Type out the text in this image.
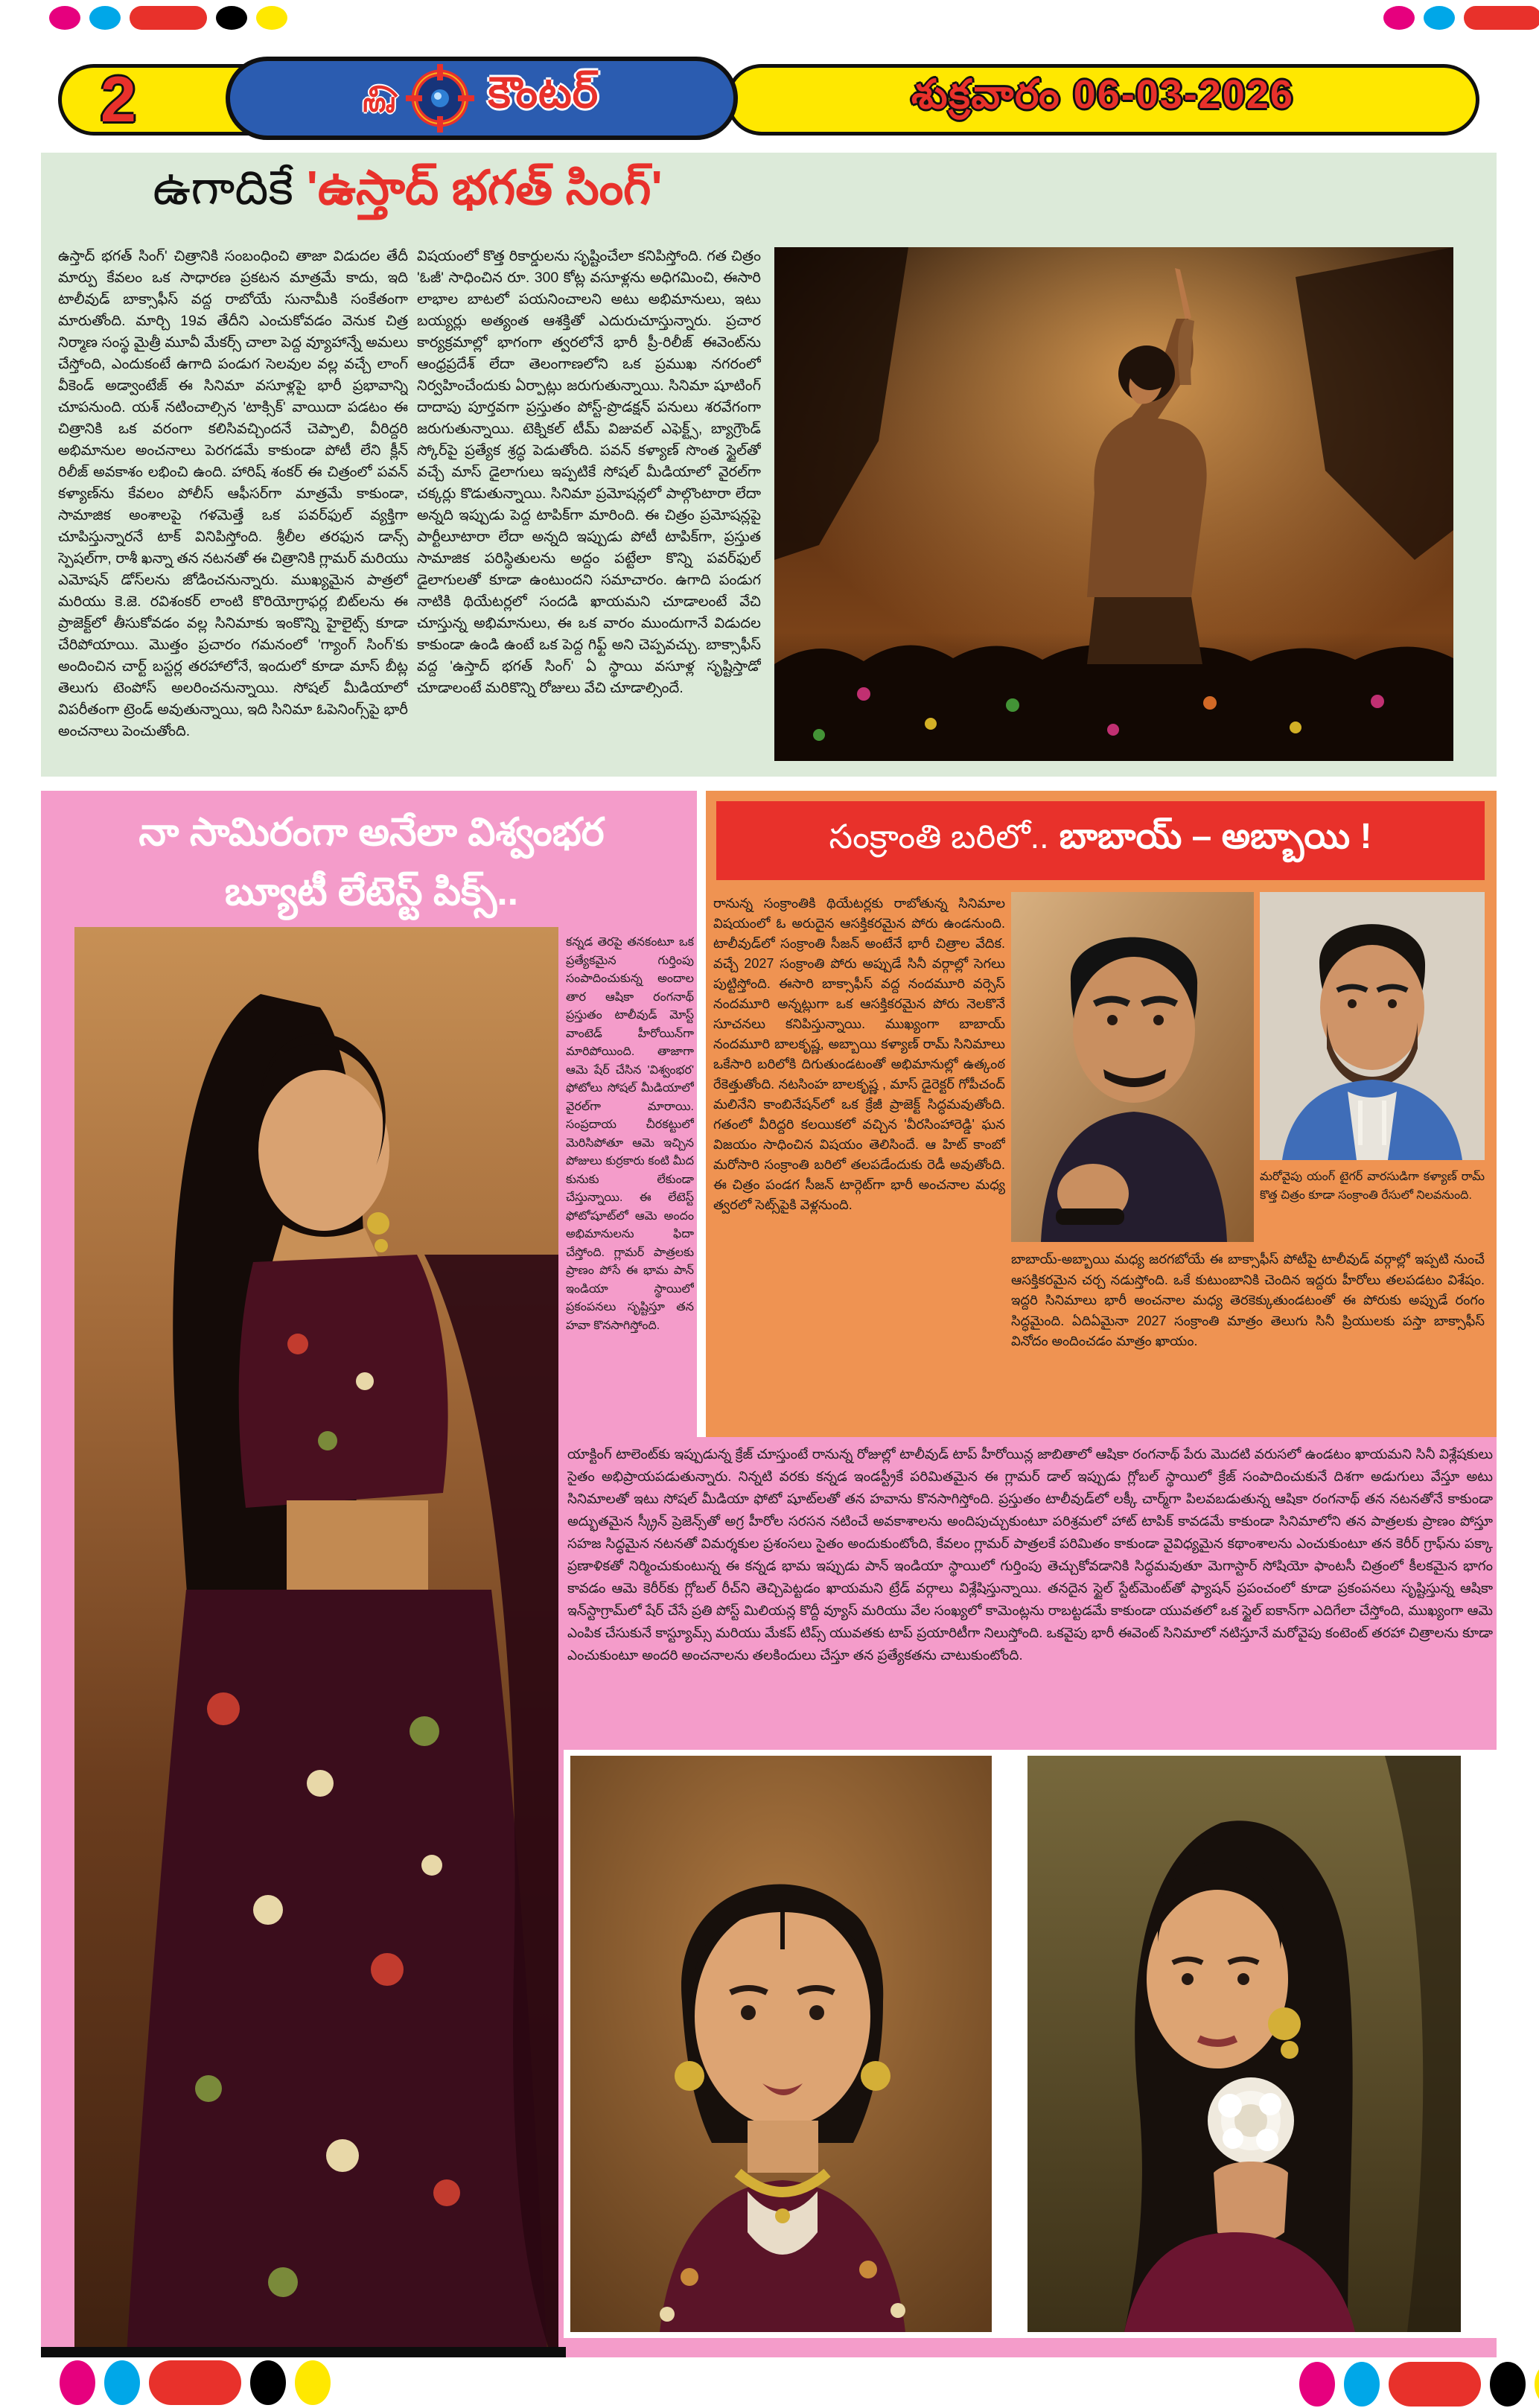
2	శుక్రవారం 06-03-2026
క్రై కౌంటర్
ఉగాదికే 'ఉస్తాద్ భగత్ సింగ్'
ఉస్తాద్ భగత్ సింగ్' చిత్రానికి సంబంధించి తాజా విడుదల తేదీ మార్పు కేవలం ఒక సాధారణ ప్రకటన మాత్రమే కాదు, ఇది టాలీవుడ్ బాక్సాఫీస్ వద్ద రాబోయే సునామీకి సంకేతంగా మారుతోంది. మార్చి 19వ తేదీని ఎంచుకోవడం వెనుక చిత్ర నిర్మాణ సంస్థ మైత్రీ మూవీ మేకర్స్ చాలా పెద్ద వ్యూహాన్నే అమలు చేస్తోంది, ఎందుకంటే ఉగాది పండుగ సెలవుల వల్ల వచ్చే లాంగ్ వీకెండ్ అడ్వాంటేజ్ ఈ సినిమా వసూళ్లపై భారీ ప్రభావాన్ని చూపనుంది. యశ్ నటించాల్సిన 'టాక్సిక్' వాయిదా పడటం ఈ చిత్రానికి ఒక వరంగా కలిసివచ్చిందనే చెప్పాలి, వీరిద్దరి అభిమానుల అంచనాలు పెరగడమే కాకుండా పోటీ లేని క్లీన్ రిలీజ్ అవకాశం లభించి ఉంది. హారిష్ శంకర్ ఈ చిత్రంలో పవన్ కళ్యాణ్‌ను కేవలం పోలీస్ ఆఫీసర్‌గా మాత్రమే కాకుండా, సామాజిక అంశాలపై గళమెత్తే ఒక పవర్‌ఫుల్ వ్యక్తిగా చూపిస్తున్నారనే టాక్ వినిపిస్తోంది. శ్రీలీల తరఫున డాన్స్ స్పెషల్‌గా, రాశీ ఖన్నా తన నటనతో ఈ చిత్రానికి గ్లామర్ మరియు ఎమోషన్ డోస్‌లను జోడించనున్నారు. ముఖ్యమైన పాత్రలో మరియు కె.జె. రవిశంకర్ లాంటి కొరియోగ్రాఫర్ల బిట్‌లను ఈ ప్రాజెక్ట్‌లో తీసుకోవడం వల్ల సినిమాకు ఇంకొన్ని హైలైట్స్ కూడా చేరిపోయాయి. మొత్తం ప్రచారం గమనంలో 'గ్యాంగ్ సింగ్'కు అందించిన చార్ట్ బస్టర్ల తరహాలోనే, ఇందులో కూడా మాస్ బీట్ల తెలుగు టెంపోస్ అలరించనున్నాయి. సోషల్ మీడియాలో విపరీతంగా ట్రెండ్ అవుతున్నాయి, ఇది సినిమా ఓపెనింగ్స్‌పై భారీ అంచనాలు పెంచుతోంది.
విషయంలో కొత్త రికార్డులను సృష్టించేలా కనిపిస్తోంది. గత చిత్రం 'ఓజీ' సాధించిన రూ. 300 కోట్ల వసూళ్లను అధిగమించి, ఈసారి లాభాల బాటలో పయనించాలని అటు అభిమానులు, ఇటు బయ్యర్లు అత్యంత ఆశక్తితో ఎదురుచూస్తున్నారు. ప్రచార కార్యక్రమాల్లో భాగంగా త్వరలోనే భారీ ప్రీ-రిలీజ్ ఈవెంట్‌ను ఆంధ్రప్రదేశ్ లేదా తెలంగాణలోని ఒక ప్రముఖ నగరంలో నిర్వహించేందుకు ఏర్పాట్లు జరుగుతున్నాయి. సినిమా షూటింగ్ దాదాపు పూర్తవగా ప్రస్తుతం పోస్ట్-ప్రొడక్షన్ పనులు శరవేగంగా జరుగుతున్నాయి. టెక్నికల్ టీమ్ విజువల్ ఎఫెక్ట్స్, బ్యాగ్రౌండ్ స్కోర్‌పై ప్రత్యేక శ్రద్ధ పెడుతోంది. పవన్ కళ్యాణ్ సొంత స్టైల్‌తో వచ్చే మాస్ డైలాగులు ఇప్పటికే సోషల్ మీడియాలో వైరల్‌గా చక్కర్లు కొడుతున్నాయి. సినిమా ప్రమోషన్లలో పాల్గొంటారా లేదా అన్నది ఇప్పుడు పెద్ద టాపిక్‌గా మారింది. ఈ చిత్రం ప్రమోషన్లపై పార్టీలూటారా లేదా అన్నది ఇప్పుడు పోటీ టాపిక్‌గా, ప్రస్తుత సామాజిక పరిస్థితులను అద్దం పట్టేలా కొన్ని పవర్‌ఫుల్ డైలాగులతో కూడా ఉంటుందని సమాచారం. ఉగాది పండుగ నాటికి థియేటర్లలో సందడి ఖాయమని చూడాలంటే వేచి చూస్తున్న అభిమానులు, ఈ ఒక వారం ముందుగానే విడుదల కాకుండా ఉండి ఉంటే ఒక పెద్ద గిఫ్ట్ అని చెప్పవచ్చు. బాక్సాఫీస్ వద్ద 'ఉస్తాద్ భగత్ సింగ్' ఏ స్థాయి వసూళ్ల సృష్టిస్తాడో చూడాలంటే మరికొన్ని రోజులు వేచి చూడాల్సిందే.
నా సామిరంగా అనేలా విశ్వంభర
బ్యూటీ లేటెస్ట్ పిక్స్..
కన్నడ తెరపై తనకంటూ ఒక ప్రత్యేకమైన గుర్తింపు సంపాదించుకున్న అందాల తార ఆషికా రంగనాథ్ ప్రస్తుతం టాలీవుడ్ మోస్ట్ వాంటెడ్ హీరోయిన్‌గా మారిపోయింది. తాజాగా ఆమె షేర్ చేసిన 'విశ్వంభర' ఫోటోలు సోషల్ మీడియాలో వైరల్‌గా మారాయి. సంప్రదాయ చీరకట్టులో మెరిసిపోతూ ఆమె ఇచ్చిన పోజులు కుర్రకారు కంటి మీద కునుకు లేకుండా చేస్తున్నాయి. ఈ లేటెస్ట్ ఫోటోషూట్‌లో ఆమె అందం అభిమానులను ఫిదా చేస్తోంది. గ్లామర్ పాత్రలకు ప్రాణం పోసే ఈ భామ పాన్ ఇండియా స్థాయిలో ప్రకంపనలు సృష్టిస్తూ తన హవా కొనసాగిస్తోంది.
సంక్రాంతి బరిలో.. బాబాయ్ – అబ్బాయి !
రానున్న సంక్రాంతికి థియేటర్లకు రాబోతున్న సినిమాల విషయంలో ఓ అరుదైన ఆసక్తికరమైన పోరు ఉండనుంది. టాలీవుడ్‌లో సంక్రాంతి సీజన్ అంటేనే భారీ చిత్రాల వేదిక. వచ్చే 2027 సంక్రాంతి పోరు అప్పుడే సినీ వర్గాల్లో సెగలు పుట్టిస్తోంది. ఈసారి బాక్సాఫీస్ వద్ద నందమూరి వర్సెస్ నందమూరి అన్నట్లుగా ఒక ఆసక్తికరమైన పోరు నెలకొనే సూచనలు కనిపిస్తున్నాయి. ముఖ్యంగా బాబాయ్ నందమూరి బాలకృష్ణ, అబ్బాయి కళ్యాణ్ రామ్ సినిమాలు ఒకేసారి బరిలోకి దిగుతుండటంతో అభిమానుల్లో ఉత్కంఠ రేకెత్తుతోంది. నటసింహ బాలకృష్ణ , మాస్ డైరెక్టర్ గోపీచంద్ మలినేని కాంబినేషన్‌లో ఒక క్రేజీ ప్రాజెక్ట్ సిద్ధమవుతోంది. గతంలో వీరిద్దరి కలయికలో వచ్చిన 'వీరసింహారెడ్డి' ఘన విజయం సాధించిన విషయం తెలిసిందే. ఆ హిట్ కాంబో మరోసారి సంక్రాంతి బరిలో తలపడేందుకు రెడీ అవుతోంది. ఈ చిత్రం పండగ సీజన్ టార్గెట్‌గా భారీ అంచనాల మధ్య త్వరలో సెట్స్‌పైకి వెళ్లనుంది.
మరోవైపు యంగ్ టైగర్ వారసుడిగా కళ్యాణ్ రామ్ కొత్త చిత్రం కూడా సంక్రాంతి రేసులో నిలవనుంది.
బాబాయ్-అబ్బాయి మధ్య జరగబోయే ఈ బాక్సాఫీస్ పోటీపై టాలీవుడ్ వర్గాల్లో ఇప్పటి నుంచే ఆసక్తికరమైన చర్చ నడుస్తోంది. ఒకే కుటుంబానికి చెందిన ఇద్దరు హీరోలు తలపడటం విశేషం. ఇద్దరి సినిమాలు భారీ అంచనాల మధ్య తెరకెక్కుతుండటంతో ఈ పోరుకు అప్పుడే రంగం సిద్ధమైంది. ఏదిఏమైనా 2027 సంక్రాంతి మాత్రం తెలుగు సినీ ప్రియులకు పస్తా బాక్సాఫీస్ వినోదం అందించడం మాత్రం ఖాయం.
యాక్టింగ్ టాలెంట్‌కు ఇప్పుడున్న క్రేజ్ చూస్తుంటే రానున్న రోజుల్లో టాలీవుడ్ టాప్ హీరోయిన్ల జాబితాలో ఆషికా రంగనాథ్ పేరు మొదటి వరుసలో ఉండటం ఖాయమని సినీ విశ్లేషకులు సైతం అభిప్రాయపడుతున్నారు. నిన్నటి వరకు కన్నడ ఇండస్ట్రీకే పరిమితమైన ఈ గ్లామర్ డాల్ ఇప్పుడు గ్లోబల్ స్థాయిలో క్రేజ్ సంపాదించుకునే దిశగా అడుగులు వేస్తూ అటు సినిమాలతో ఇటు సోషల్ మీడియా ఫోటో షూట్‌లతో తన హవాను కొనసాగిస్తోంది. ప్రస్తుతం టాలీవుడ్‌లో లక్కీ చార్మ్‌గా పిలవబడుతున్న ఆషికా రంగనాథ్ తన నటనతోనే కాకుండా అద్భుతమైన స్క్రీన్ ప్రెజెన్స్‌తో అగ్ర హీరోల సరసన నటించే అవకాశాలను అందిపుచ్చుకుంటూ పరిశ్రమలో హాట్ టాపిక్ కావడమే కాకుండా సినిమాలోని తన పాత్రలకు ప్రాణం పోస్తూ సహజ సిద్ధమైన నటనతో విమర్శకుల ప్రశంసలు సైతం అందుకుంటోంది, కేవలం గ్లామర్ పాత్రలకే పరిమితం కాకుండా వైవిధ్యమైన కథాంశాలను ఎంచుకుంటూ తన కెరీర్ గ్రాఫ్‌ను పక్కా ప్రణాళికతో నిర్మించుకుంటున్న ఈ కన్నడ భామ ఇప్పుడు పాన్ ఇండియా స్థాయిలో గుర్తింపు తెచ్చుకోవడానికి సిద్ధమవుతూ మెగాస్టార్ సోషియో ఫాంటసీ చిత్రంలో కీలకమైన భాగం కావడం ఆమె కెరీర్‌కు గ్లోబల్ రీచ్‌ని తెచ్చిపెట్టడం ఖాయమని ట్రేడ్ వర్గాలు విశ్లేషిస్తున్నాయి. తనదైన స్టైల్ స్టేట్‌మెంట్‌తో ఫ్యాషన్ ప్రపంచంలో కూడా ప్రకంపనలు సృష్టిస్తున్న ఆషికా ఇన్‌స్టాగ్రామ్‌లో షేర్ చేసే ప్రతి పోస్ట్ మిలియన్ల కొద్దీ వ్యూస్ మరియు వేల సంఖ్యలో కామెంట్లను రాబట్టడమే కాకుండా యువతలో ఒక స్టైల్ ఐకాన్‌గా ఎదిగేలా చేస్తోంది, ముఖ్యంగా ఆమె ఎంపిక చేసుకునే కాస్ట్యూమ్స్ మరియు మేకప్ టిప్స్ యువతకు టాప్ ప్రయారిటీగా నిలుస్తోంది. ఒకవైపు భారీ ఈవెంట్ సినిమాలో నటిస్తూనే మరోవైపు కంటెంట్ తరహా చిత్రాలను కూడా ఎంచుకుంటూ అందరి అంచనాలను తలకిందులు చేస్తూ తన ప్రత్యేకతను చాటుకుంటోంది.
